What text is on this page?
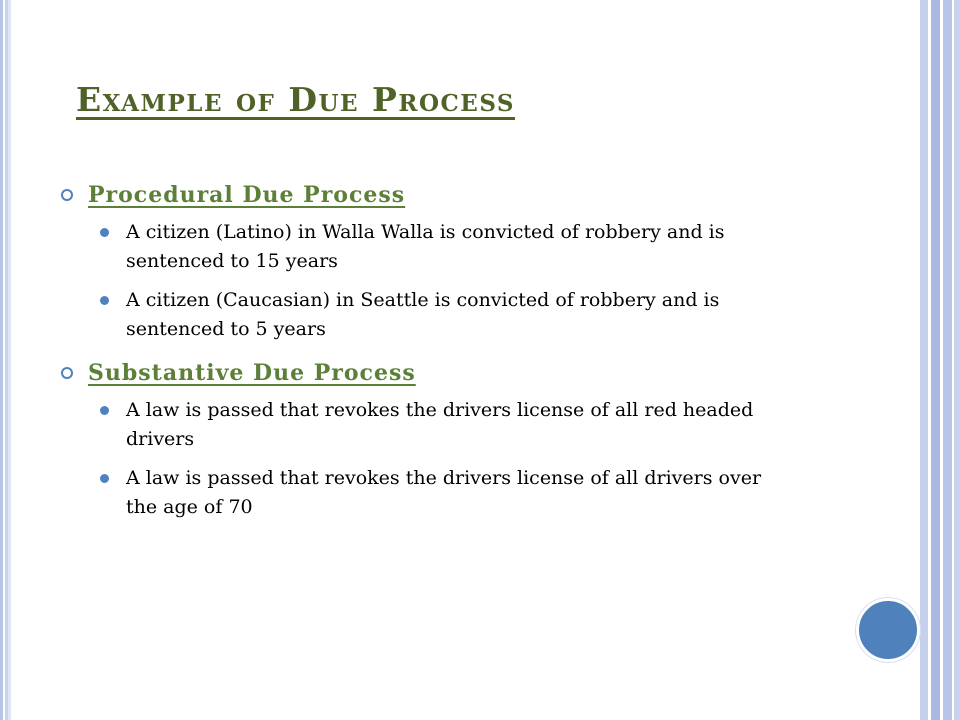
Example of Due Process
Procedural Due Process
A citizen (Latino) in Walla Walla is convicted of robbery and is sentenced to 15 years
A citizen (Caucasian) in Seattle is convicted of robbery and is sentenced to 5 years
Substantive Due Process
A law is passed that revokes the drivers license of all red headed drivers
A law is passed that revokes the drivers license of all drivers over the age of 70
